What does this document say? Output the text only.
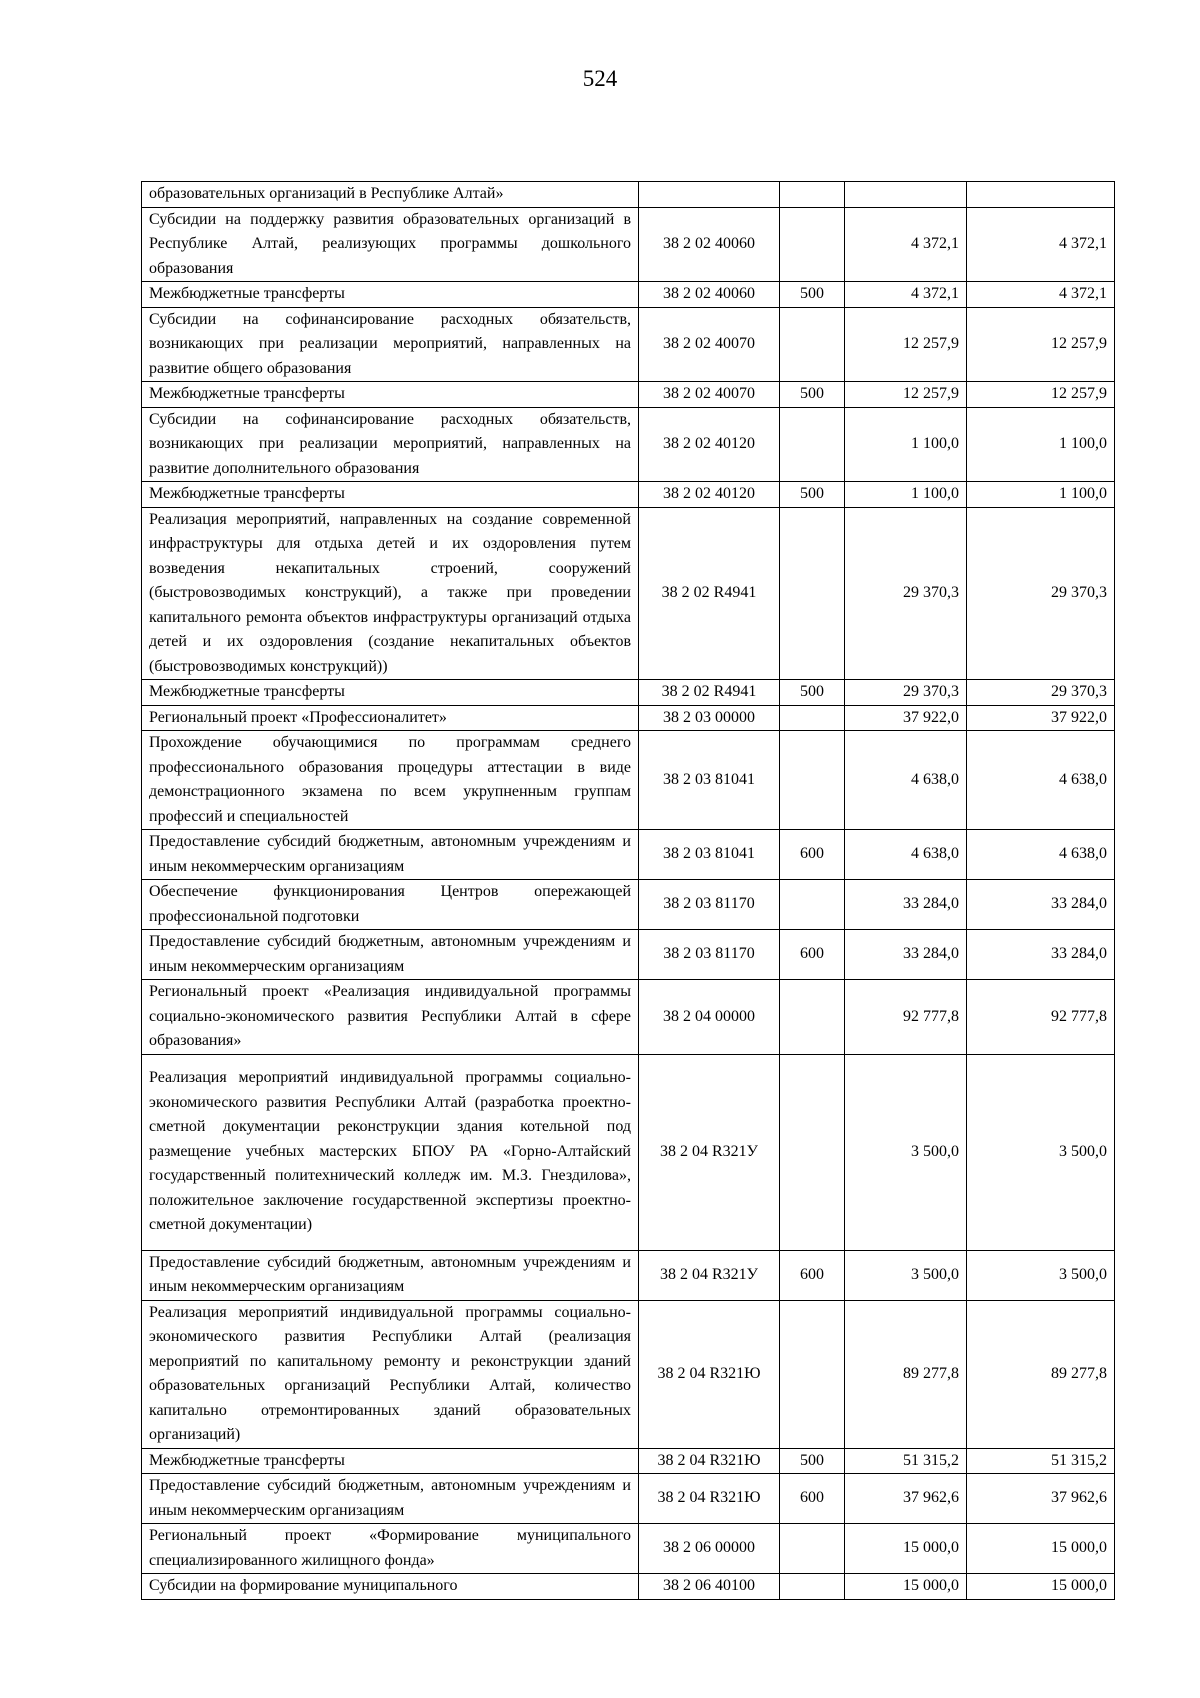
524
образовательных организаций в Республике Алтай»				
Субсидии на поддержку развития образовательных организаций в Республике Алтай, реализующих программы дошкольного образования	38 2 02 40060		4 372,1	4 372,1
Межбюджетные трансферты	38 2 02 40060	500	4 372,1	4 372,1
Субсидии на софинансирование расходных обязательств, возникающих при реализации мероприятий, направленных на развитие общего образования	38 2 02 40070		12 257,9	12 257,9
Межбюджетные трансферты	38 2 02 40070	500	12 257,9	12 257,9
Субсидии на софинансирование расходных обязательств, возникающих при реализации мероприятий, направленных на развитие дополнительного образования	38 2 02 40120		1 100,0	1 100,0
Межбюджетные трансферты	38 2 02 40120	500	1 100,0	1 100,0
Реализация мероприятий, направленных на создание современной инфраструктуры для отдыха детей и их оздоровления путем возведения некапитальных строений, сооружений (быстровозводимых конструкций), а также при проведении капитального ремонта объектов инфраструктуры организаций отдыха детей и их оздоровления (создание некапитальных объектов (быстровозводимых конструкций))	38 2 02 R4941		29 370,3	29 370,3
Межбюджетные трансферты	38 2 02 R4941	500	29 370,3	29 370,3
Региональный проект «Профессионалитет»	38 2 03 00000		37 922,0	37 922,0
Прохождение обучающимися по программам среднего профессионального образования процедуры аттестации в виде демонстрационного экзамена по всем укрупненным группам профессий и специальностей	38 2 03 81041		4 638,0	4 638,0
Предоставление субсидий бюджетным, автономным учреждениям и иным некоммерческим организациям	38 2 03 81041	600	4 638,0	4 638,0
Обеспечение функционирования Центров опережающей профессиональной подготовки	38 2 03 81170		33 284,0	33 284,0
Предоставление субсидий бюджетным, автономным учреждениям и иным некоммерческим организациям	38 2 03 81170	600	33 284,0	33 284,0
Региональный проект «Реализация индивидуальной программы социально-экономического развития Республики Алтай в сфере образования»	38 2 04 00000		92 777,8	92 777,8
Реализация мероприятий индивидуальной программы социально-экономического развития Республики Алтай (разработка проектно-сметной документации реконструкции здания котельной под размещение учебных мастерских БПОУ РА «Горно-Алтайский государственный политехнический колледж им. М.З. Гнездилова», положительное заключение государственной экспертизы проектно-сметной документации)	38 2 04 R321У		3 500,0	3 500,0
Предоставление субсидий бюджетным, автономным учреждениям и иным некоммерческим организациям	38 2 04 R321У	600	3 500,0	3 500,0
Реализация мероприятий индивидуальной программы социально-экономического развития Республики Алтай (реализация мероприятий по капитальному ремонту и реконструкции зданий образовательных организаций Республики Алтай, количество капитально отремонтированных зданий образовательных организаций)	38 2 04 R321Ю		89 277,8	89 277,8
Межбюджетные трансферты	38 2 04 R321Ю	500	51 315,2	51 315,2
Предоставление субсидий бюджетным, автономным учреждениям и иным некоммерческим организациям	38 2 04 R321Ю	600	37 962,6	37 962,6
Региональный проект «Формирование муниципального специализированного жилищного фонда»	38 2 06 00000		15 000,0	15 000,0
Субсидии на формирование муниципального	38 2 06 40100		15 000,0	15 000,0
